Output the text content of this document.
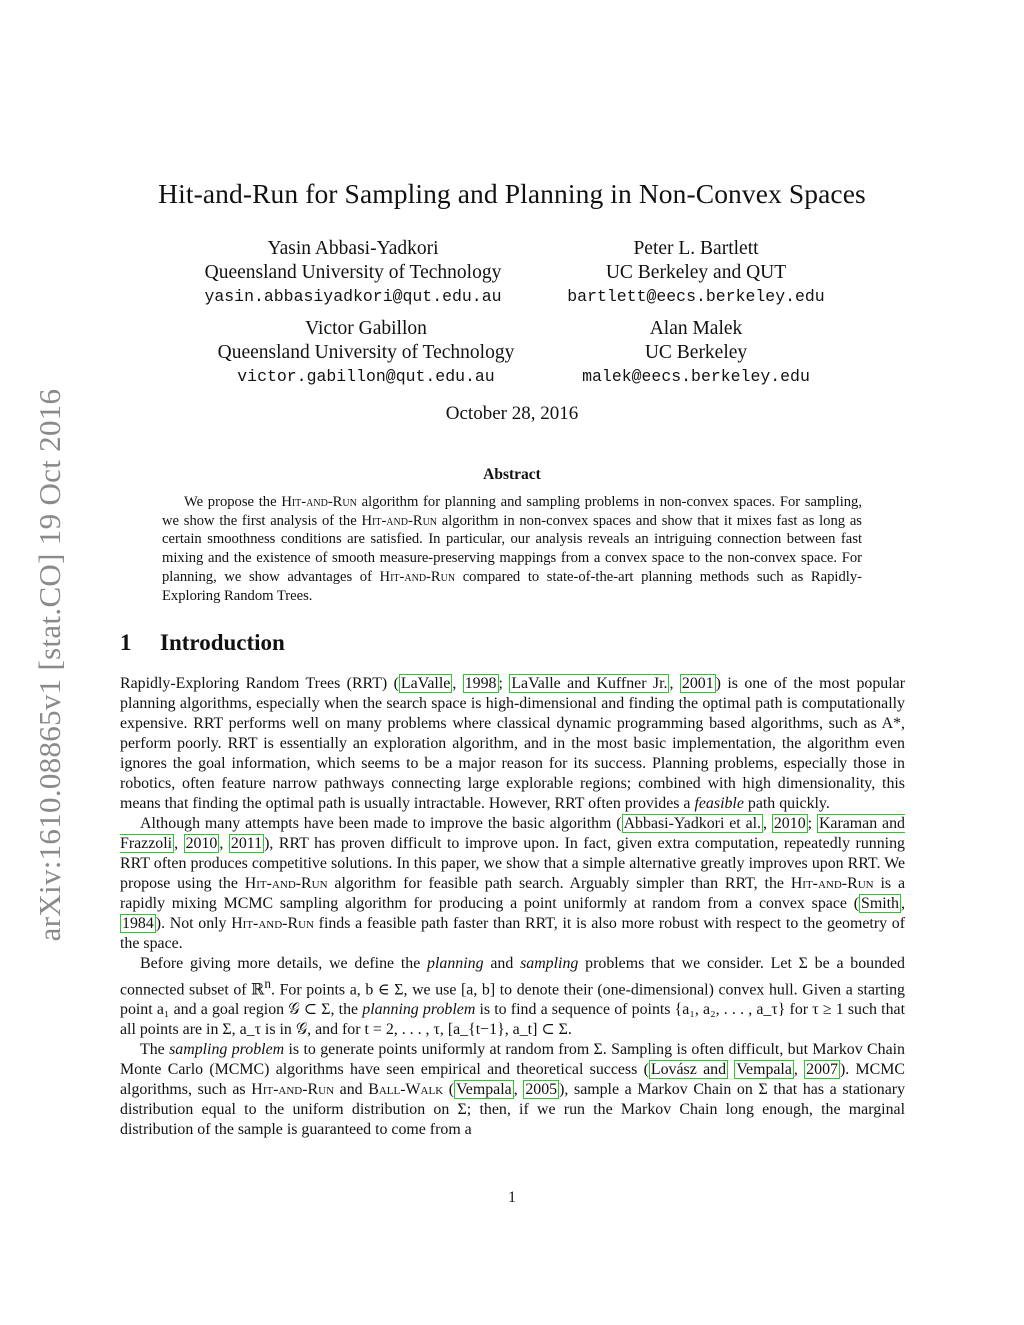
arXiv:1610.08865v1 [stat.CO] 19 Oct 2016
Hit-and-Run for Sampling and Planning in Non-Convex Spaces
Yasin Abbasi-Yadkori
Queensland University of Technology
yasin.abbasiyadkori@qut.edu.au
Peter L. Bartlett
UC Berkeley and QUT
bartlett@eecs.berkeley.edu
Victor Gabillon
Queensland University of Technology
victor.gabillon@qut.edu.au
Alan Malek
UC Berkeley
malek@eecs.berkeley.edu
October 28, 2016
Abstract

We propose the Hit-and-Run algorithm for planning and sampling problems in non-convex spaces. For sampling, we show the first analysis of the Hit-and-Run algorithm in non-convex spaces and show that it mixes fast as long as certain smoothness conditions are satisfied. In particular, our analysis reveals an intriguing connection between fast mixing and the existence of smooth measure-preserving mappings from a convex space to the non-convex space. For planning, we show advantages of Hit-and-Run compared to state-of-the-art planning methods such as Rapidly-Exploring Random Trees.

1 Introduction

Rapidly-Exploring Random Trees (RRT) ( LaValle , 1998 ; LaValle and Kuffner Jr. , 2001 ) is one of the most popular planning algorithms, especially when the search space is high-dimensional and finding the optimal path is computationally expensive. RRT performs well on many problems where classical dynamic programming based algorithms, such as A*, perform poorly. RRT is essentially an exploration algorithm, and in the most basic implementation, the algorithm even ignores the goal information, which seems to be a major reason for its success. Planning problems, especially those in robotics, often feature narrow pathways connecting large explorable regions; combined with high dimensionality, this means that finding the optimal path is usually intractable. However, RRT often provides a feasible path quickly.

Although many attempts have been made to improve the basic algorithm ( Abbasi-Yadkori et al. , 2010 ; Karaman and Frazzoli , 2010 , 2011 ), RRT has proven difficult to improve upon. In fact, given extra computation, repeatedly running RRT often produces competitive solutions. In this paper, we show that a simple alternative greatly improves upon RRT. We propose using the Hit-and-Run algorithm for feasible path search. Arguably simpler than RRT, the Hit-and-Run is a rapidly mixing MCMC sampling algorithm for producing a point uniformly at random from a convex space ( Smith , 1984 ). Not only Hit-and-Run finds a feasible path faster than RRT, it is also more robust with respect to the geometry of the space.

Before giving more details, we define the planning and sampling problems that we consider. Let Σ be a bounded connected subset of ℝ$^n$. For points a, b ∈ Σ, we use [a, b] to denote their (one-dimensional) convex hull. Given a starting point a₁ and a goal region 𝒢 ⊂ Σ, the planning problem is to find a sequence of points {a₁, a₂, . . . , a_τ} for τ ≥ 1 such that all points are in Σ, a_τ is in 𝒢, and for t = 2, . . . , τ, [a_{t−1}, a_t] ⊂ Σ.

The sampling problem is to generate points uniformly at random from Σ. Sampling is often difficult, but Markov Chain Monte Carlo (MCMC) algorithms have seen empirical and theoretical success ( Lovász and Vempala , 2007 ). MCMC algorithms, such as Hit-and-Run and Ball-Walk ( Vempala , 2005 ), sample a Markov Chain on Σ that has a stationary distribution equal to the uniform distribution on Σ; then, if we run the Markov Chain long enough, the marginal distribution of the sample is guaranteed to come from a

1
